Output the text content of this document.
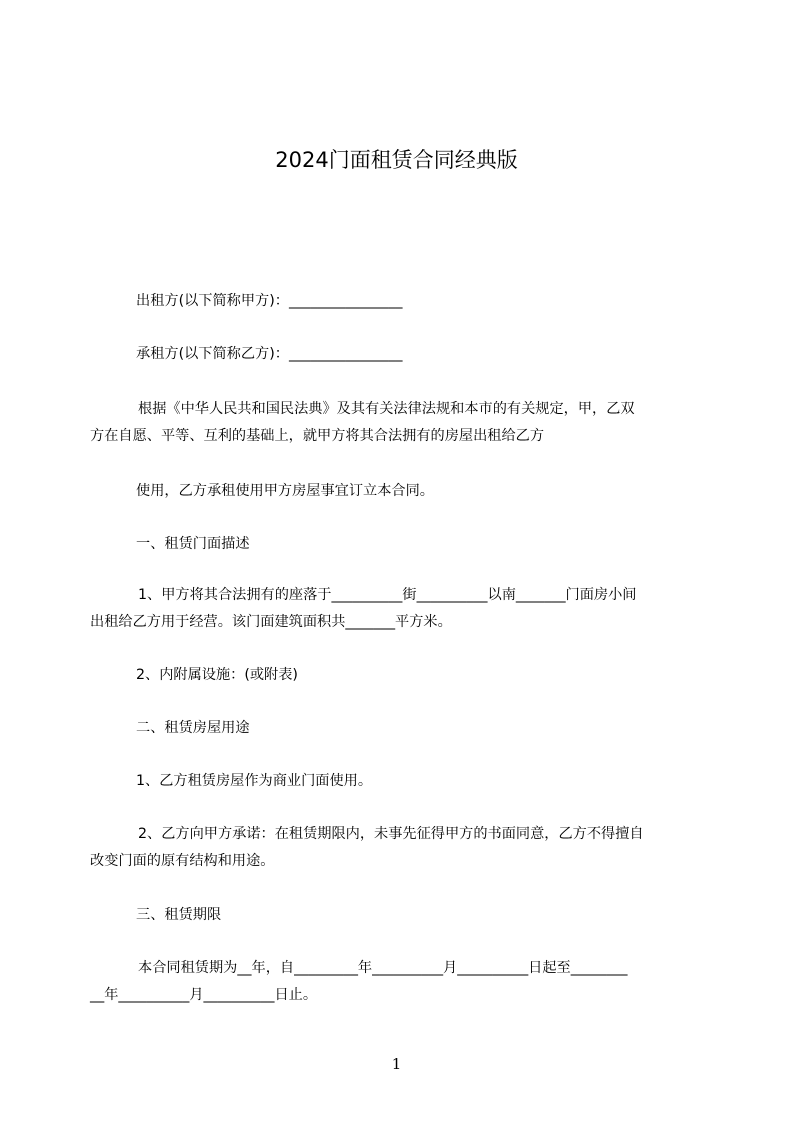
2024门面租赁合同经典版
出租方(以下简称甲方)：________________
承租方(以下简称乙方)：________________
根据《中华人民共和国民法典》及其有关法律法规和本市的有关规定，甲，乙双
方在自愿、平等、互利的基础上，就甲方将其合法拥有的房屋出租给乙方
使用，乙方承租使用甲方房屋事宜订立本合同。
一、租赁门面描述
1、甲方将其合法拥有的座落于__________街__________以南_______门面房小间
出租给乙方用于经营。该门面建筑面积共_______平方米。
2、内附属设施：(或附表)
二、租赁房屋用途
1、乙方租赁房屋作为商业门面使用。
2、乙方向甲方承诺：在租赁期限内，未事先征得甲方的书面同意，乙方不得擅自
改变门面的原有结构和用途。
三、租赁期限
本合同租赁期为__年，自_________年__________月__________日起至________
__年__________月__________日止。
1
